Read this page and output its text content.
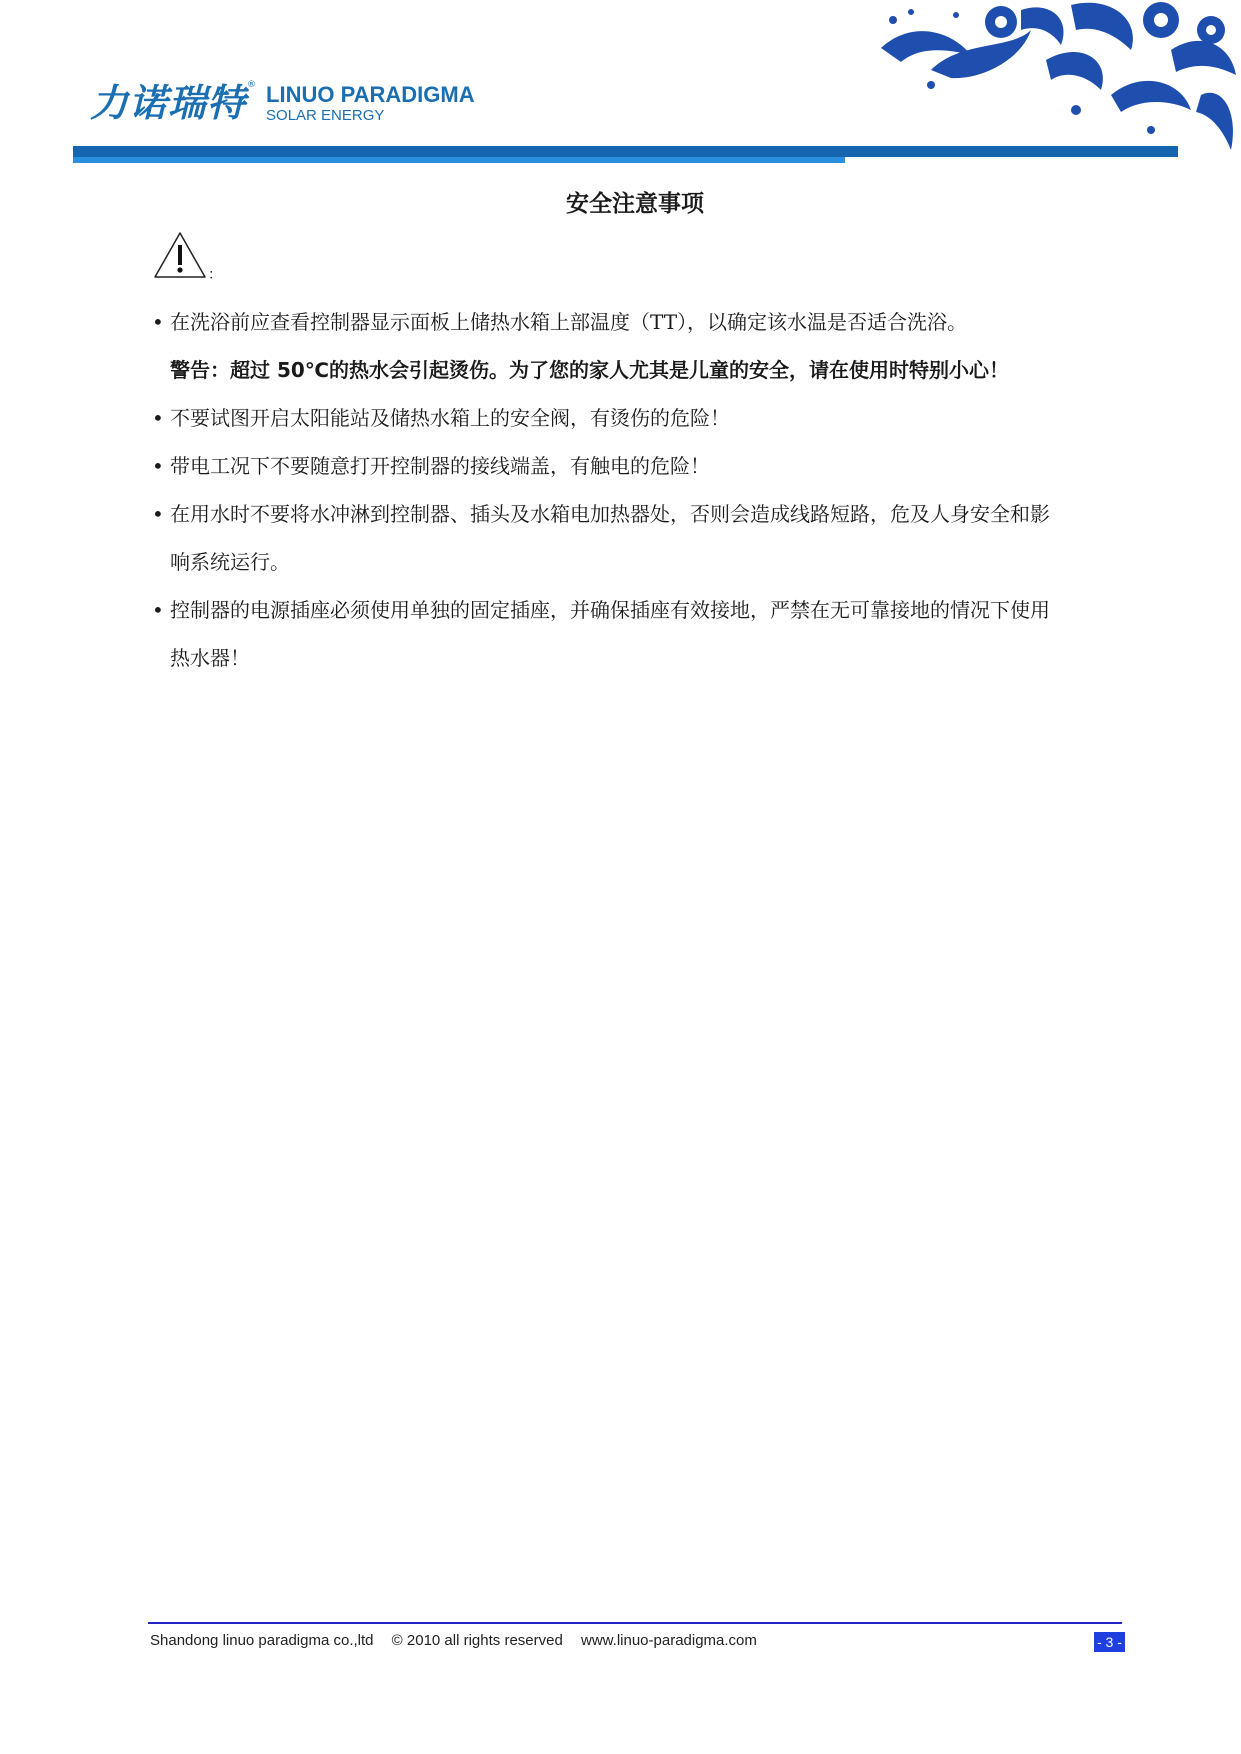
力诺瑞特 ® LINUO PARADIGMA
SOLAR ENERGY
安全注意事项
：

• 在洗浴前应查看控制器显示面板上储热水箱上部温度（TT），以确定该水温是否适合洗浴。

警告：超过 50℃的热水会引起烫伤。为了您的家人尤其是儿童的安全，请在使用时特别小心！

• 不要试图开启太阳能站及储热水箱上的安全阀，有烫伤的危险！

• 带电工况下不要随意打开控制器的接线端盖，有触电的危险！

• 在用水时不要将水冲淋到控制器、插头及水箱电加热器处，否则会造成线路短路，危及人身安全和影
响系统运行。

• 控制器的电源插座必须使用单独的固定插座，并确保插座有效接地，严禁在无可靠接地的情况下使用
热水器！

Shandong linuo paradigma co.,ltd © 2010 all rights reserved www.linuo-paradigma.com	- 3 -
